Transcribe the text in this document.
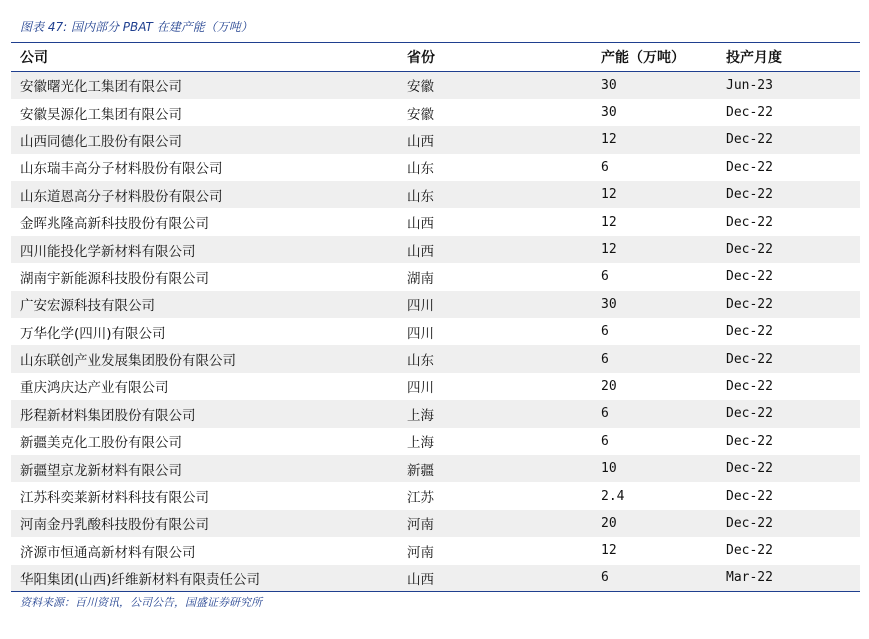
图表 47: 国内部分 PBAT 在建产能（万吨）
公司	省份	产能（万吨）	投产月度
安徽曙光化工集团有限公司	安徽	30	Jun-23
安徽昊源化工集团有限公司	安徽	30	Dec-22
山西同德化工股份有限公司	山西	12	Dec-22
山东瑞丰高分子材料股份有限公司	山东	6	Dec-22
山东道恩高分子材料股份有限公司	山东	12	Dec-22
金晖兆隆高新科技股份有限公司	山西	12	Dec-22
四川能投化学新材料有限公司	山西	12	Dec-22
湖南宇新能源科技股份有限公司	湖南	6	Dec-22
广安宏源科技有限公司	四川	30	Dec-22
万华化学(四川)有限公司	四川	6	Dec-22
山东联创产业发展集团股份有限公司	山东	6	Dec-22
重庆鸿庆达产业有限公司	四川	20	Dec-22
彤程新材料集团股份有限公司	上海	6	Dec-22
新疆美克化工股份有限公司	上海	6	Dec-22
新疆望京龙新材料有限公司	新疆	10	Dec-22
江苏科奕莱新材料科技有限公司	江苏	2.4	Dec-22
河南金丹乳酸科技股份有限公司	河南	20	Dec-22
济源市恒通高新材料有限公司	河南	12	Dec-22
华阳集团(山西)纤维新材料有限责任公司	山西	6	Mar-22
资料来源：百川资讯，公司公告，国盛证券研究所
